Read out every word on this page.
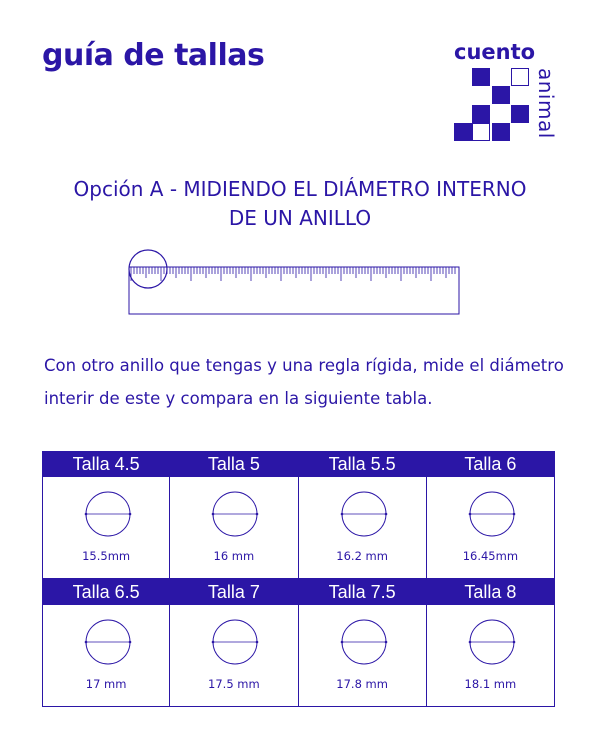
guía de tallas	cuento
animal
Opción A - MIDIENDO EL DIÁMETRO INTERNO
DE UN ANILLO
Con otro anillo que tengas y una regla rígida, mide el diámetro
interir de este y compara en la siguiente tabla.
Talla 4.5
15.5mm
Talla 5
16 mm
Talla 5.5
16.2 mm
Talla 6
16.45mm
Talla 6.5
17 mm
Talla 7
17.5 mm
Talla 7.5
17.8 mm
Talla 8
18.1 mm
